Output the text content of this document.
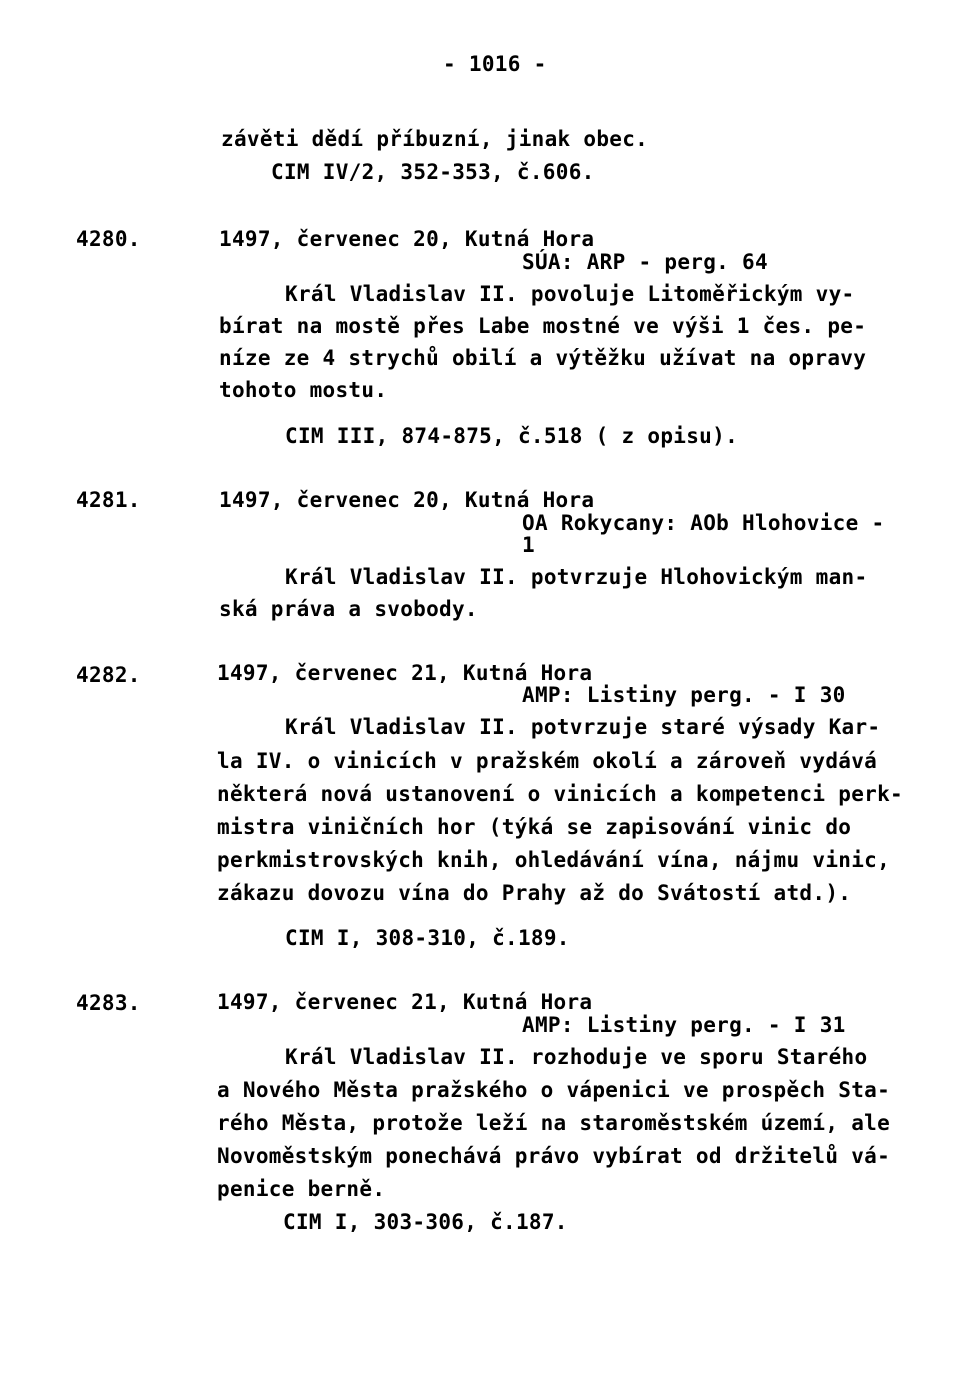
- 1016 -
závěti dědí příbuzní, jinak obec.
CIM IV/2, 352-353, č.606.
4280.	1497, červenec 20, Kutná Hora
SÚA: ARP - perg. 64
Král Vladislav II. povoluje Litoměřickým vy-
bírat na mostě přes Labe mostné ve výši 1 čes. pe-
níze ze 4 strychů obilí a výtěžku užívat na opravy
tohoto mostu.
CIM III, 874-875, č.518 ( z opisu).
4281.	1497, červenec 20, Kutná Hora
OA Rokycany: AOb Hlohovice -
1
Král Vladislav II. potvrzuje Hlohovickým man-
ská práva a svobody.
4282.	1497, červenec 21, Kutná Hora
AMP: Listiny perg. - I 30
Král Vladislav II. potvrzuje staré výsady Kar-
la IV. o vinicích v pražském okolí a zároveň vydává
některá nová ustanovení o vinicích a kompetenci perk-
mistra viničních hor (týká se zapisování vinic do
perkmistrovských knih, ohledávání vína, nájmu vinic,
zákazu dovozu vína do Prahy až do Svátostí atd.).
CIM I, 308-310, č.189.
4283.	1497, červenec 21, Kutná Hora
AMP: Listiny perg. - I 31
Král Vladislav II. rozhoduje ve sporu Starého
a Nového Města pražského o vápenici ve prospěch Sta-
rého Města, protože leží na staroměstském území, ale
Novoměstským ponechává právo vybírat od držitelů vá-
penice berně.
CIM I, 303-306, č.187.
